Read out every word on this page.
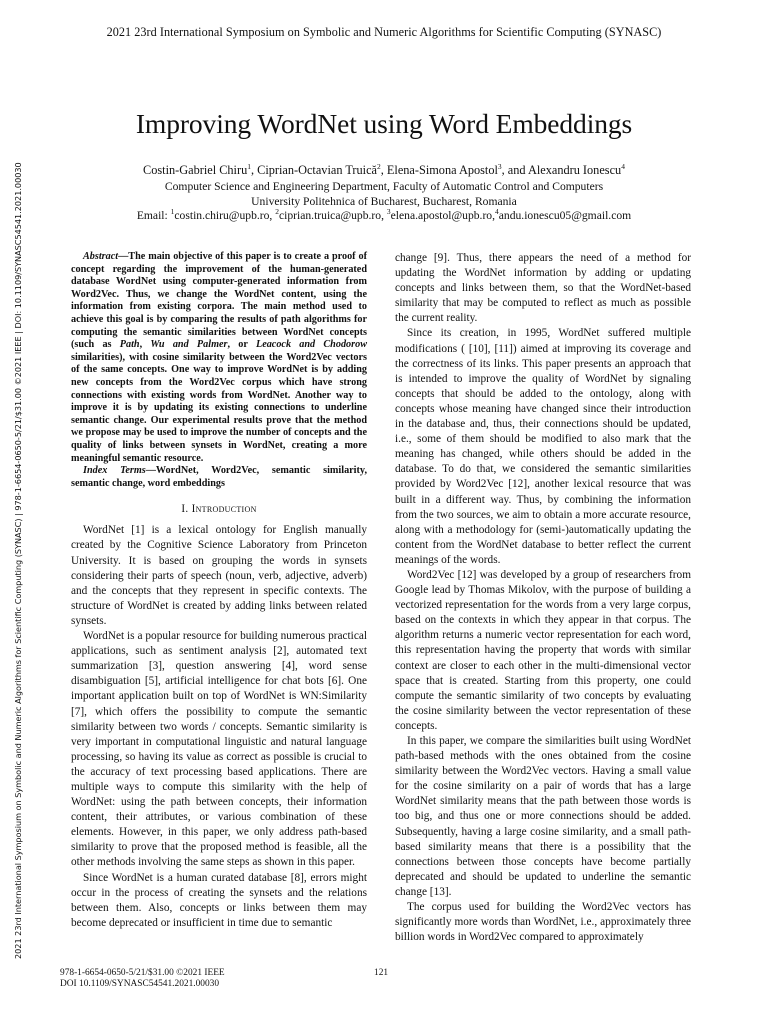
2021 23rd International Symposium on Symbolic and Numeric Algorithms for Scientific Computing (SYNASC)
2021 23rd International Symposium on Symbolic and Numeric Algorithms for Scientific Computing (SYNASC) | 978-1-6654-0650-5/21/$31.00 ©2021 IEEE | DOI: 10.1109/SYNASC54541.2021.00030
Improving WordNet using Word Embeddings
Costin-Gabriel Chiru$^1$, Ciprian-Octavian Truică$^2$, Elena-Simona Apostol$^3$, and Alexandru Ionescu$^4$
Computer Science and Engineering Department, Faculty of Automatic Control and Computers
University Politehnica of Bucharest, Bucharest, Romania
Email: $^1$costin.chiru@upb.ro, $^2$ciprian.truica@upb.ro, $^3$elena.apostol@upb.ro,$^4$andu.ionescu05@gmail.com

Abstract—The main objective of this paper is to create a proof of concept regarding the improvement of the human-generated database WordNet using computer-generated information from Word2Vec. Thus, we change the WordNet content, using the information from existing corpora. The main method used to achieve this goal is by comparing the results of path algorithms for computing the semantic similarities between WordNet concepts (such as Path, Wu and Palmer, or Leacock and Chodorow similarities), with cosine similarity between the Word2Vec vectors of the same concepts. One way to improve WordNet is by adding new concepts from the Word2Vec corpus which have strong connections with existing words from WordNet. Another way to improve it is by updating its existing connections to underline semantic change. Our experimental results prove that the method we propose may be used to improve the number of concepts and the quality of links between synsets in WordNet, creating a more meaningful semantic resource.

Index Terms—WordNet, Word2Vec, semantic similarity, semantic change, word embeddings

I. Introduction

WordNet [1] is a lexical ontology for English manually created by the Cognitive Science Laboratory from Princeton University. It is based on grouping the words in synsets considering their parts of speech (noun, verb, adjective, adverb) and the concepts that they represent in specific contexts. The structure of WordNet is created by adding links between related synsets.

WordNet is a popular resource for building numerous practical applications, such as sentiment analysis [2], automated text summarization [3], question answering [4], word sense disambiguation [5], artificial intelligence for chat bots [6]. One important application built on top of WordNet is WN:Similarity [7], which offers the possibility to compute the semantic similarity between two words / concepts. Semantic similarity is very important in computational linguistic and natural language processing, so having its value as correct as possible is crucial to the accuracy of text processing based applications. There are multiple ways to compute this similarity with the help of WordNet: using the path between concepts, their information content, their attributes, or various combination of these elements. However, in this paper, we only address path-based similarity to prove that the proposed method is feasible, all the other methods involving the same steps as shown in this paper.

Since WordNet is a human curated database [8], errors might occur in the process of creating the synsets and the relations between them. Also, concepts or links between them may become deprecated or insufficient in time due to semantic

change [9]. Thus, there appears the need of a method for updating the WordNet information by adding or updating concepts and links between them, so that the WordNet-based similarity that may be computed to reflect as much as possible the current reality.

Since its creation, in 1995, WordNet suffered multiple modifications ( [10], [11]) aimed at improving its coverage and the correctness of its links. This paper presents an approach that is intended to improve the quality of WordNet by signaling concepts that should be added to the ontology, along with concepts whose meaning have changed since their introduction in the database and, thus, their connections should be updated, i.e., some of them should be modified to also mark that the meaning has changed, while others should be added in the database. To do that, we considered the semantic similarities provided by Word2Vec [12], another lexical resource that was built in a different way. Thus, by combining the information from the two sources, we aim to obtain a more accurate resource, along with a methodology for (semi-)automatically updating the content from the WordNet database to better reflect the current meanings of the words.

Word2Vec [12] was developed by a group of researchers from Google lead by Thomas Mikolov, with the purpose of building a vectorized representation for the words from a very large corpus, based on the contexts in which they appear in that corpus. The algorithm returns a numeric vector representation for each word, this representation having the property that words with similar context are closer to each other in the multi-dimensional vector space that is created. Starting from this property, one could compute the semantic similarity of two concepts by evaluating the cosine similarity between the vector representation of these concepts.

In this paper, we compare the similarities built using WordNet path-based methods with the ones obtained from the cosine similarity between the Word2Vec vectors. Having a small value for the cosine similarity on a pair of words that has a large WordNet similarity means that the path between those words is too big, and thus one or more connections should be added. Subsequently, having a large cosine similarity, and a small path-based similarity means that there is a possibility that the connections between those concepts have become partially deprecated and should be updated to underline the semantic change [13].

The corpus used for building the Word2Vec vectors has significantly more words than WordNet, i.e., approximately three billion words in Word2Vec compared to approximately

978-1-6654-0650-5/21/$31.00 ©2021 IEEE
DOI 10.1109/SYNASC54541.2021.00030
121
